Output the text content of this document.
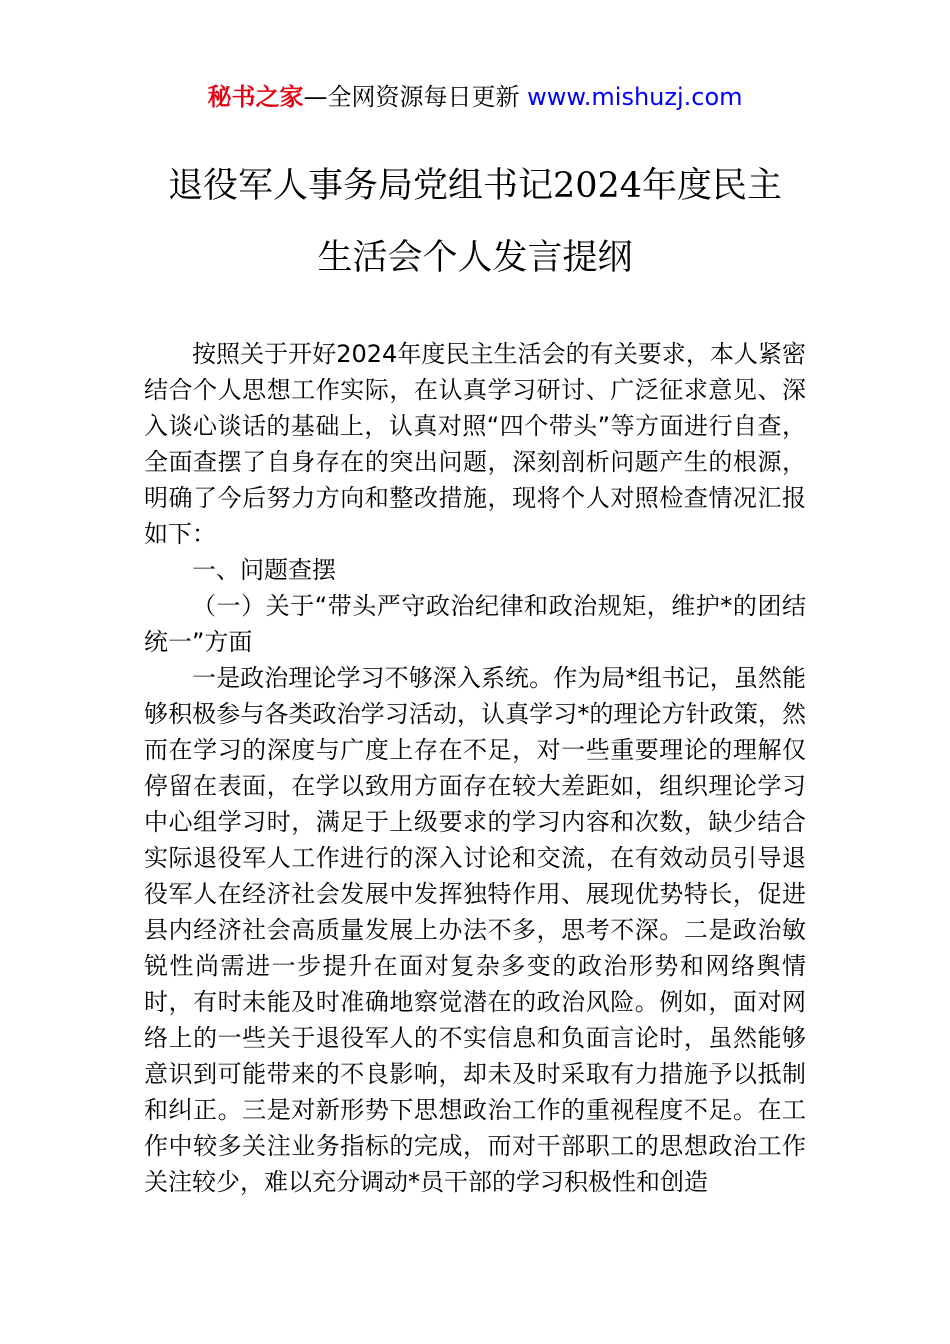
秘书之家—全网资源每日更新 www.mishuzj.com
退役军人事务局党组书记2024年度民主
生活会个人发言提纲

按照关于开好2024年度民主生活会的有关要求，本人紧密结合个人思想工作实际，在认真学习研讨、广泛征求意见、深入谈心谈话的基础上，认真对照“四个带头”等方面进行自查，全面查摆了自身存在的突出问题，深刻剖析问题产生的根源，明确了今后努力方向和整改措施，现将个人对照检查情况汇报如下：

一、问题查摆

（一）关于“带头严守政治纪律和政治规矩，维护*的团结统一”方面

一是政治理论学习不够深入系统。作为局*组书记，虽然能够积极参与各类政治学习活动，认真学习*的理论方针政策，然而在学习的深度与广度上存在不足，对一些重要理论的理解仅停留在表面，在学以致用方面存在较大差距如，组织理论学习中心组学习时，满足于上级要求的学习内容和次数，缺少结合实际退役军人工作进行的深入讨论和交流，在有效动员引导退役军人在经济社会发展中发挥独特作用、展现优势特长，促进县内经济社会高质量发展上办法不多，思考不深。二是政治敏锐性尚需进一步提升在面对复杂多变的政治形势和网络舆情时，有时未能及时准确地察觉潜在的政治风险。例如，面对网络上的一些关于退役军人的不实信息和负面言论时，虽然能够意识到可能带来的不良影响，却未及时采取有力措施予以抵制和纠正。三是对新形势下思想政治工作的重视程度不足。在工作中较多关注业务指标的完成，而对干部职工的思想政治工作关注较少，难以充分调动*员干部的学习积极性和创造
